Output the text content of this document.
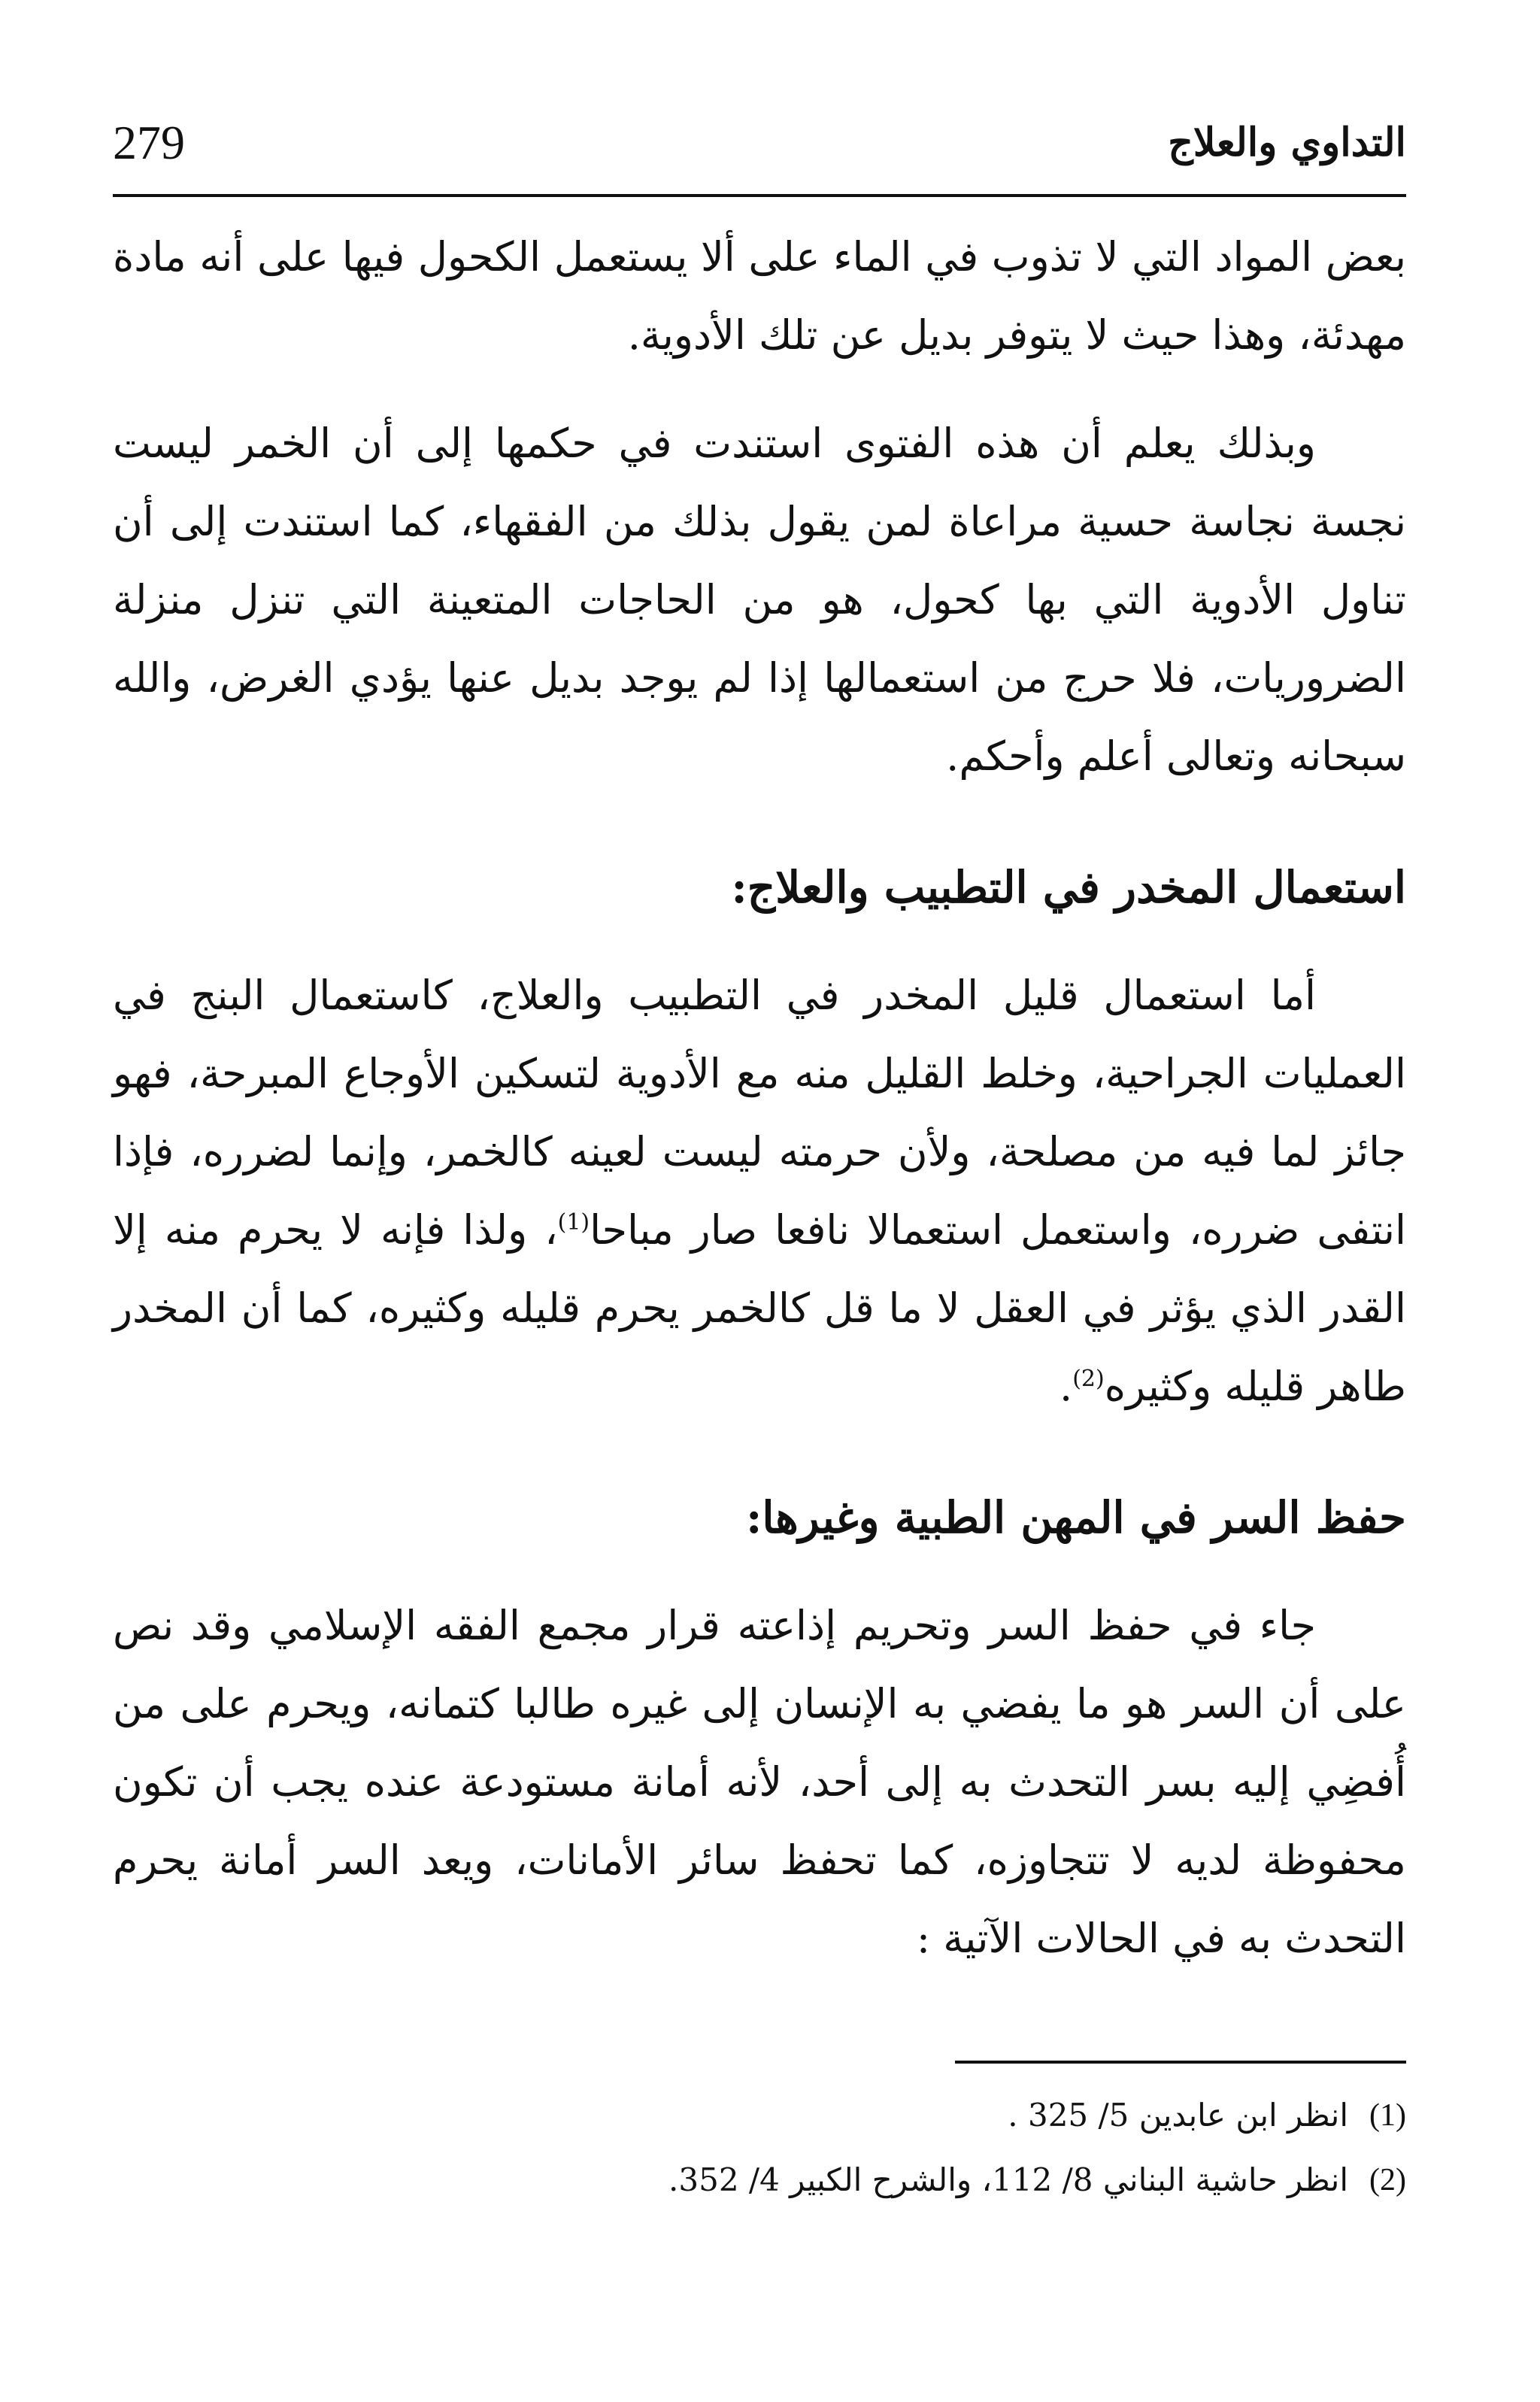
279	التداوي والعلاج

بعض المواد التي لا تذوب في الماء على ألا يستعمل الكحول فيها على أنه مادة مهدئة، وهذا حيث لا يتوفر بديل عن تلك الأدوية.

وبذلك يعلم أن هذه الفتوى استندت في حكمها إلى أن الخمر ليست نجسة نجاسة حسية مراعاة لمن يقول بذلك من الفقهاء، كما استندت إلى أن تناول الأدوية التي بها كحول، هو من الحاجات المتعينة التي تنزل منزلة الضروريات، فلا حرج من استعمالها إذا لم يوجد بديل عنها يؤدي الغرض، والله سبحانه وتعالى أعلم وأحكم.

استعمال المخدر في التطبيب والعلاج:

أما استعمال قليل المخدر في التطبيب والعلاج، كاستعمال البنج في العمليات الجراحية، وخلط القليل منه مع الأدوية لتسكين الأوجاع المبرحة، فهو جائز لما فيه من مصلحة، ولأن حرمته ليست لعينه كالخمر، وإنما لضرره، فإذا انتفى ضرره، واستعمل استعمالا نافعا صار مباحا$^{(1)}$، ولذا فإنه لا يحرم منه إلا القدر الذي يؤثر في العقل لا ما قل كالخمر يحرم قليله وكثيره، كما أن المخدر طاهر قليله وكثيره$^{(2)}$.

حفظ السر في المهن الطبية وغيرها:

جاء في حفظ السر وتحريم إذاعته قرار مجمع الفقه الإسلامي وقد نص على أن السر هو ما يفضي به الإنسان إلى غيره طالبا كتمانه، ويحرم على من أُفضِي إليه بسر التحدث به إلى أحد، لأنه أمانة مستودعة عنده يجب أن تكون محفوظة لديه لا تتجاوزه، كما تحفظ سائر الأمانات، ويعد السر أمانة يحرم التحدث به في الحالات الآتية :

(1)
انظر ابن عابدين 5/ 325 .
(2)
انظر حاشية البناني 8/ 112، والشرح الكبير 4/ 352.
